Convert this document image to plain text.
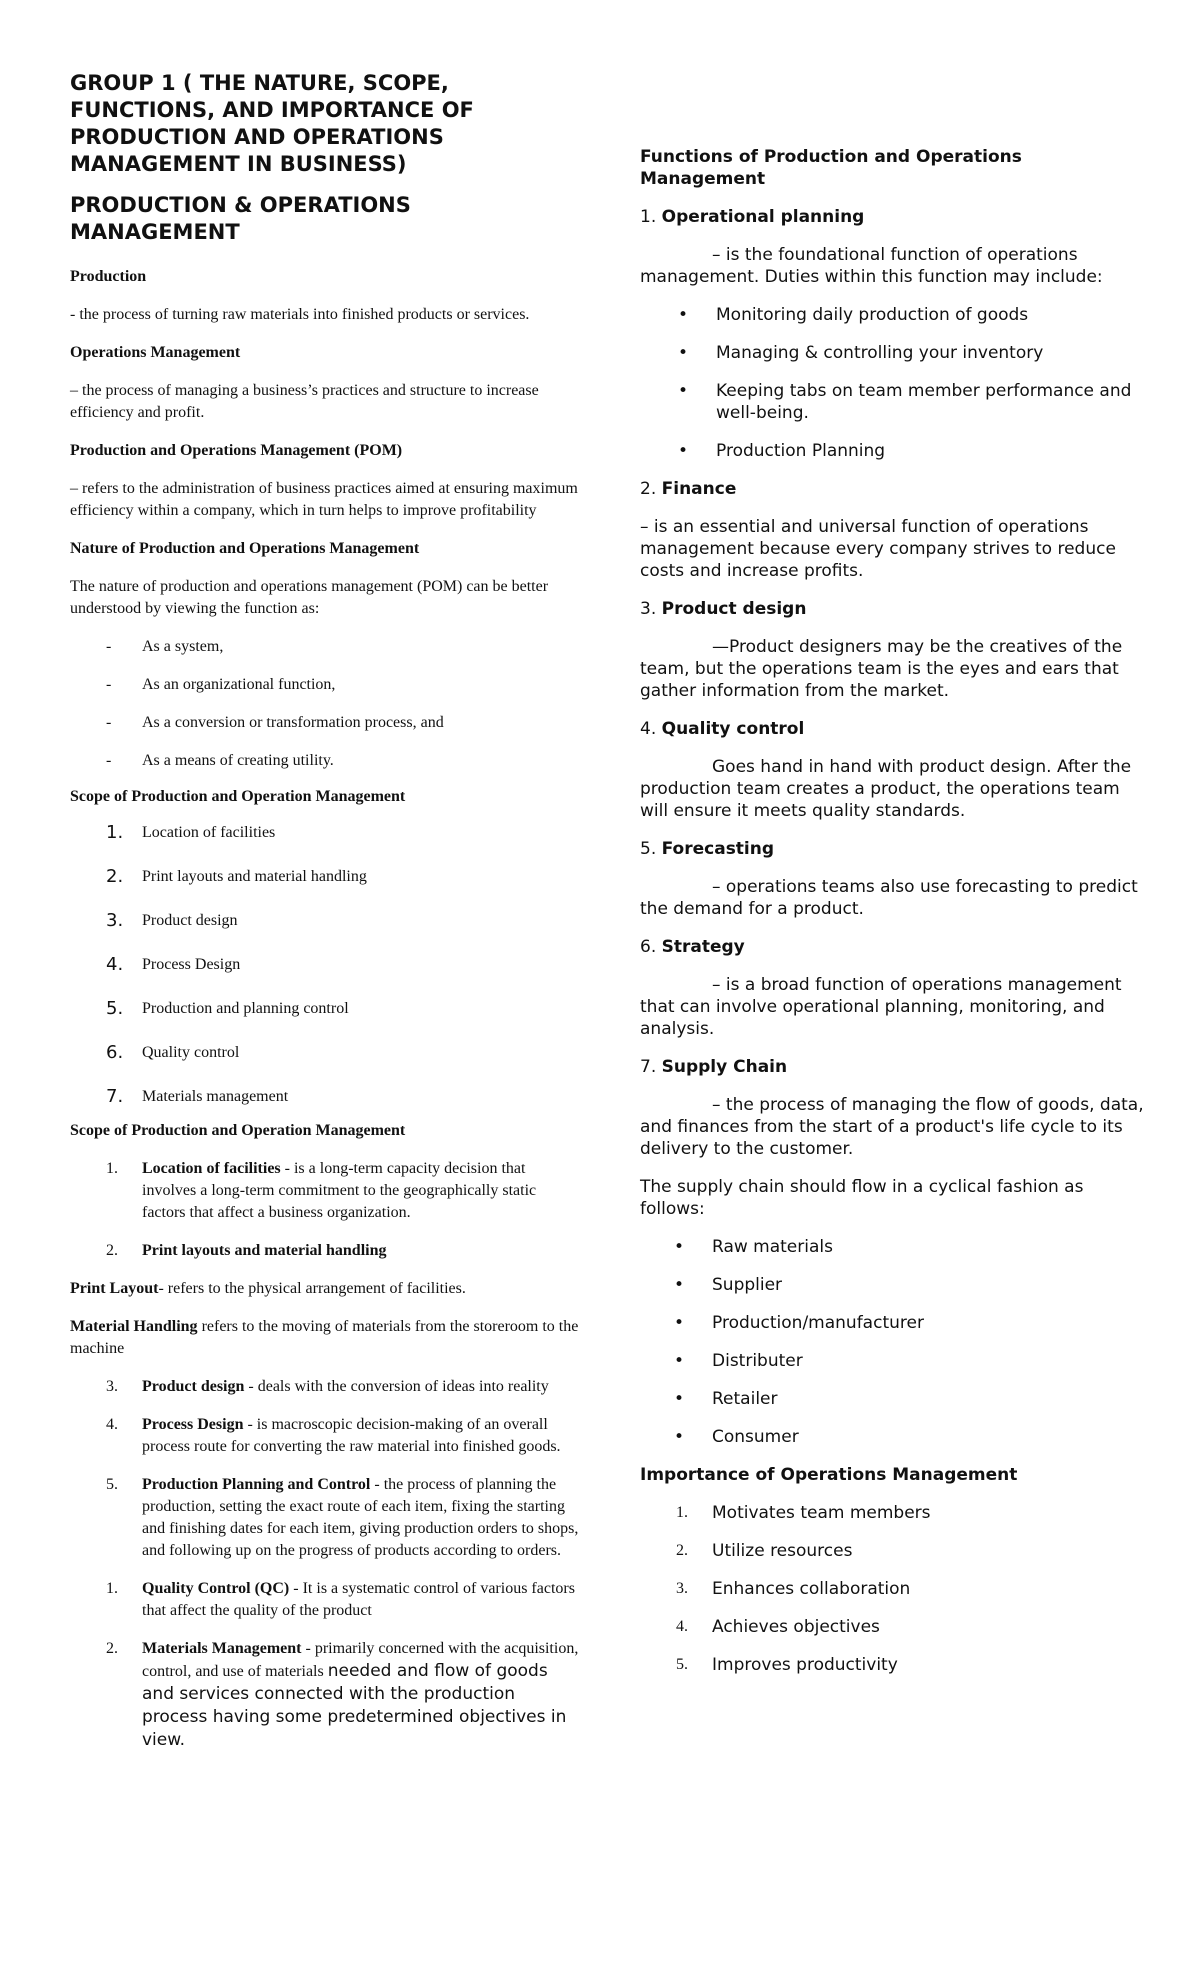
GROUP 1 ( THE NATURE, SCOPE, FUNCTIONS, AND IMPORTANCE OF PRODUCTION AND OPERATIONS MANAGEMENT IN BUSINESS)
PRODUCTION & OPERATIONS MANAGEMENT

Production

- the process of turning raw materials into finished products or services.

Operations Management

– the process of managing a business’s practices and structure to increase efficiency and profit.

Production and Operations Management (POM)

– refers to the administration of business practices aimed at ensuring maximum efficiency within a company, which in turn helps to improve profitability

Nature of Production and Operations Management

The nature of production and operations management (POM) can be better understood by viewing the function as:

- As a system,
- As an organizational function,
- As a conversion or transformation process, and
- As a means of creating utility.

Scope of Production and Operation Management

1. Location of facilities
2. Print layouts and material handling
3. Product design
4. Process Design
5. Production and planning control
6. Quality control
7. Materials management

Scope of Production and Operation Management

1. Location of facilities - is a long-term capacity decision that involves a long-term commitment to the geographically static factors that affect a business organization.
2. Print layouts and material handling

Print Layout- refers to the physical arrangement of facilities.

Material Handling refers to the moving of materials from the storeroom to the machine

3. Product design - deals with the conversion of ideas into reality
4. Process Design - is macroscopic decision-making of an overall process route for converting the raw material into finished goods.
5. Production Planning and Control - the process of planning the production, setting the exact route of each item, fixing the starting and finishing dates for each item, giving production orders to shops, and following up on the progress of products according to orders.
1. Quality Control (QC) - It is a systematic control of various factors that affect the quality of the product
2. Materials Management - primarily concerned with the acquisition, control, and use of materials needed and flow of goods and services connected with the production process having some predetermined objectives in view.

Functions of Production and Operations Management

1. Operational planning

– is the foundational function of operations management. Duties within this function may include:

• Monitoring daily production of goods
• Managing & controlling your inventory
• Keeping tabs on team member performance and well-being.
• Production Planning

2. Finance

– is an essential and universal function of operations management because every company strives to reduce costs and increase profits.

3. Product design

—Product designers may be the creatives of the team, but the operations team is the eyes and ears that gather information from the market.

4. Quality control

Goes hand in hand with product design. After the production team creates a product, the operations team will ensure it meets quality standards.

5. Forecasting

– operations teams also use forecasting to predict the demand for a product.

6. Strategy

– is a broad function of operations management that can involve operational planning, monitoring, and analysis.

7. Supply Chain

– the process of managing the flow of goods, data, and finances from the start of a product's life cycle to its delivery to the customer.

The supply chain should flow in a cyclical fashion as follows:

• Raw materials
• Supplier
• Production/manufacturer
• Distributer
• Retailer
• Consumer

Importance of Operations Management

1. Motivates team members
2. Utilize resources
3. Enhances collaboration
4. Achieves objectives
5. Improves productivity
